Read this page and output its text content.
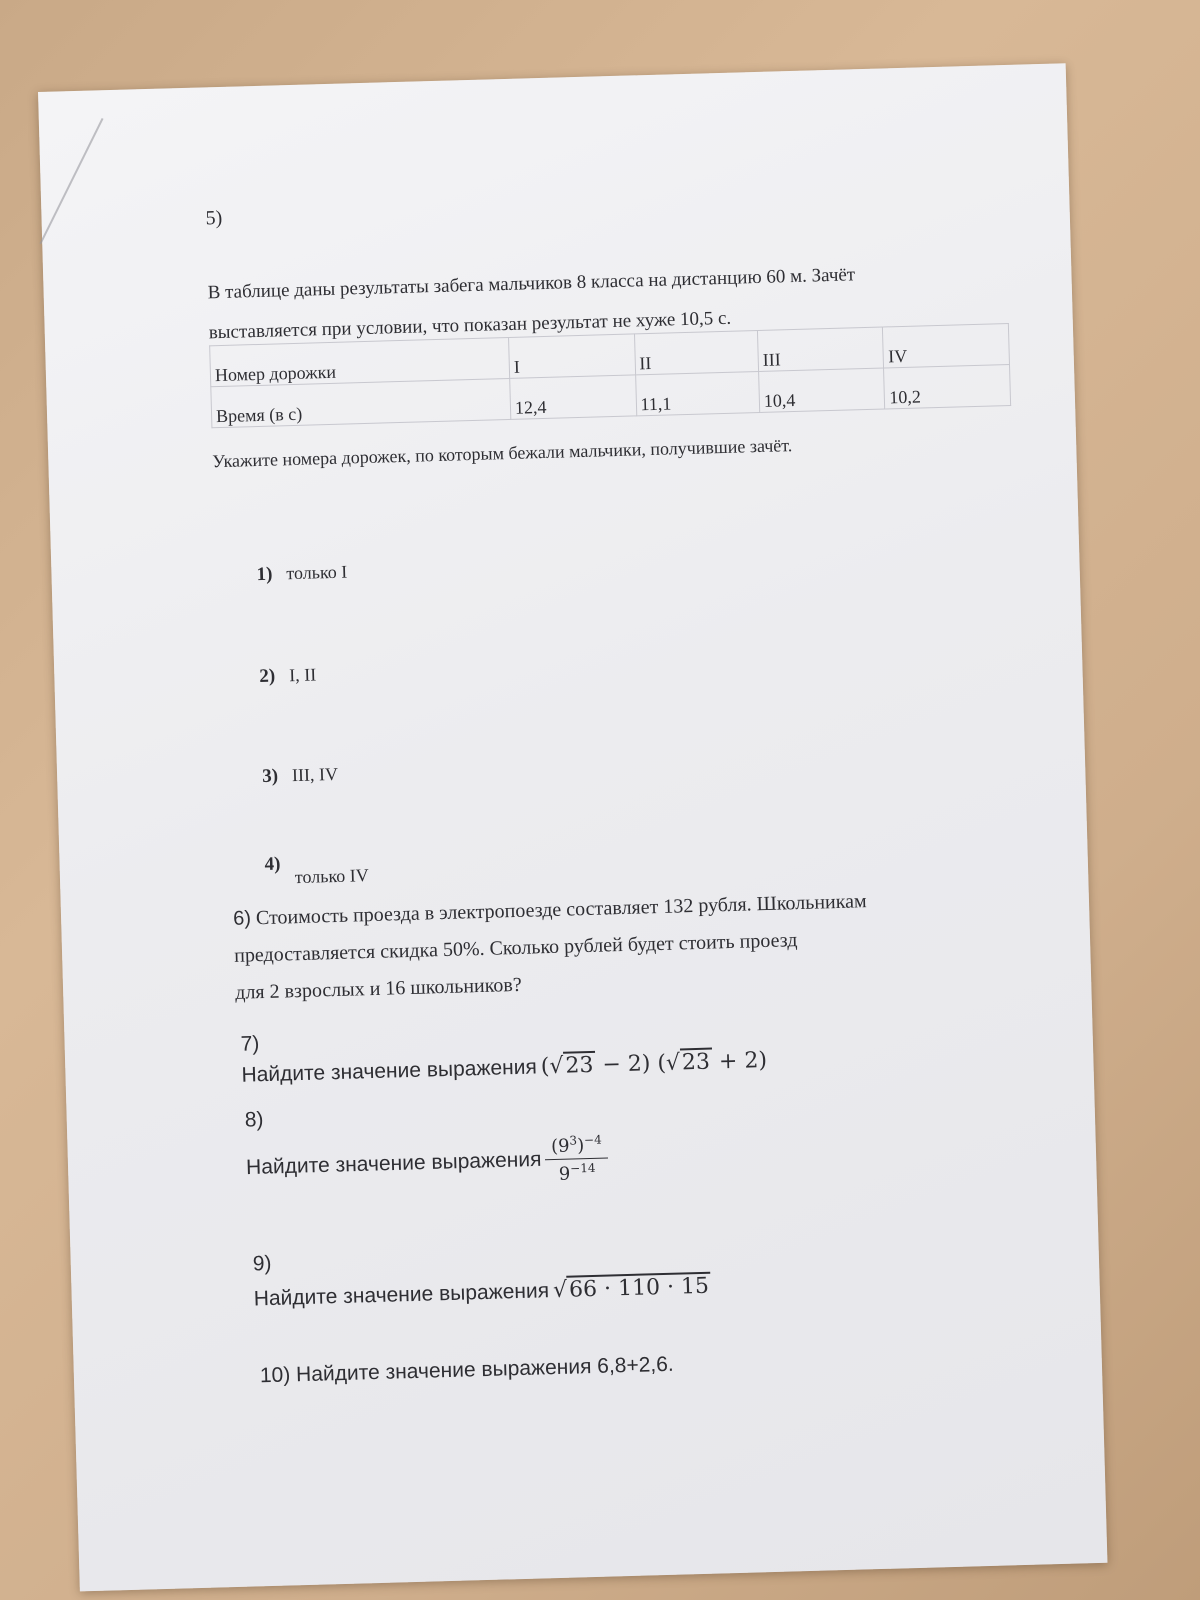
5)
В таблице даны результаты забега мальчиков 8 класса на дистанцию 60 м. Зачёт
выставляется при условии, что показан результат не хуже 10,5 с.
Номер дорожки	I	II	III	IV
Время (в с)	12,4	11,1	10,4	10,2
Укажите номера дорожек, по которым бежали мальчики, получившие зачёт.
1) только I
2) I, II
3) III, IV
4)только IV
6) Стоимость проезда в электропоезде составляет 132 рубля. Школьникам
предоставляется скидка 50%. Сколько рублей будет стоить проезд
для 2 взрослых и 16 школьников?
7)
Найдите значение выражения (√23 − 2) (√23 + 2)
8)
Найдите значение выражения $\frac{(9^3)^{-4}}{9^{-14}}$
9)
Найдите значение выражения √66 · 110 · 15
10) Найдите значение выражения 6,8+2,6.
